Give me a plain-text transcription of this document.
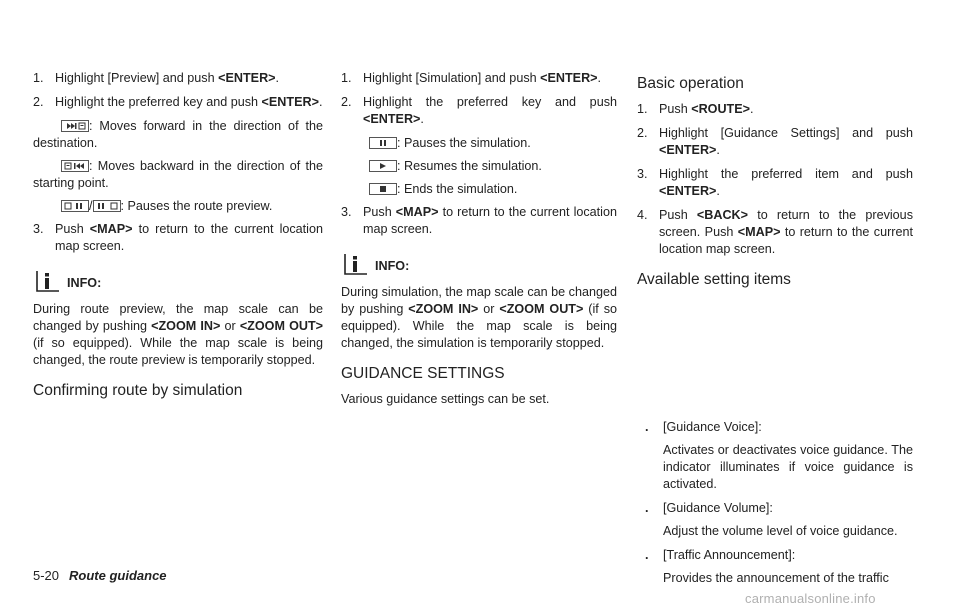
1. Highlight [Preview] and push <ENTER>.
2. Highlight the preferred key and push <ENTER>.
: Moves forward in the direction of the destination.
: Moves backward in the direction of the starting point.
/ : Pauses the route preview.
3. Push <MAP> to return to the current location map screen.
INFO:

During route preview, the map scale can be changed by pushing <ZOOM IN> or <ZOOM OUT> (if so equipped). While the map scale is being changed, the route preview is temporarily stopped.

Confirming route by simulation
1. Highlight [Simulation] and push <ENTER>.
2. Highlight the preferred key and push <ENTER>.
: Pauses the simulation.
: Resumes the simulation.
: Ends the simulation.
3. Push <MAP> to return to the current location map screen.
INFO:

During simulation, the map scale can be changed by pushing <ZOOM IN> or <ZOOM OUT> (if so equipped). While the map scale is being changed, the simulation is temporarily stopped.

GUIDANCE SETTINGS

Various guidance settings can be set.

Basic operation
1. Push <ROUTE>.
2. Highlight [Guidance Settings] and push <ENTER>.
3. Highlight the preferred item and push <ENTER>.
4. Push <BACK> to return to the previous screen. Push <MAP> to return to the current location map screen.
Available setting items
. [Guidance Voice]:
Activates or deactivates voice guidance. The indicator illuminates if voice guidance is activated.
. [Guidance Volume]:
Adjust the volume level of voice guidance.
. [Traffic Announcement]:
Provides the announcement of the traffic
5-20 Route guidance
carmanualsonline.info
